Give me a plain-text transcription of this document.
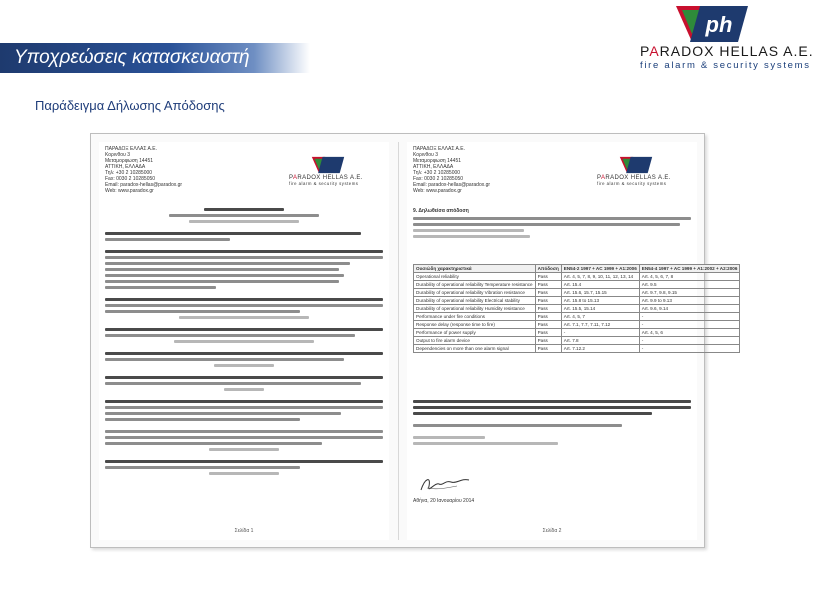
Υποχρεώσεις κατασκευαστή
ph
PARADOX HELLAS A.E.
fire alarm & security systems
Παράδειγμα Δήλωσης Απόδοσης
ΠΑΡΑΔΟΞ ΕΛΛΑΣ Α.Ε.
Κορινθου 3
Μεταμορφωση 14451
ΑΤΤΙΚΗ, ΕΛΛΑΔΑ
Τηλ: +30 2 10285000
Fax: 0030 2 10285050
Email: paradox-hellas@paradox.gr
Web: www.paradox.gr
PARADOX HELLAS A.E.
fire alarm & security systems
Σελίδα 1
ΠΑΡΑΔΟΞ ΕΛΛΑΣ Α.Ε.
Κορινθου 3
Μεταμορφωση 14451
ΑΤΤΙΚΗ, ΕΛΛΑΔΑ
Τηλ: +30 2 10285000
Fax: 0030 2 10285050
Email: paradox-hellas@paradox.gr
Web: www.paradox.gr
PARADOX HELLAS A.E.
fire alarm & security systems
9. Δηλωθείσα απόδοση
Ουσιώδη χαρακτηριστικά	Απόδοση	EN54-2 1997 + AC 1999 + A1:2006	EN54-4 1997 + AC 1999 + A1:2002 + A2:2006
Operational reliability	Pass	Art. 4, 5, 7, 8, 9, 10, 11, 12, 13, 14	Art. 4, 5, 6, 7, 8
Durability of operational reliability Temperature resistance	Pass	Art. 15.4	Art. 9.5
Durability of operational reliability Vibration resistance	Pass	Art. 15.6, 15.7, 15.15	Art. 9.7, 9.8, 9.15
Durability of operational reliability Electrical stability	Pass	Art. 15.8 to 15.13	Art. 9.9 to 9.13
Durability of operational reliability Humidity resistance	Pass	Art. 15.5, 15.14	Art. 9.6, 9.14
Performance under fire conditions	Pass	Art. 4, 5, 7	-
Response delay (response time to fire)	Pass	Art. 7.1, 7.7, 7.11, 7.12	-
Performance of power supply	Pass	-	Art. 4, 5, 6
Output to fire alarm device	Pass	Art. 7.8	-
Dependencies on more than one alarm signal	Pass	Art. 7.12.2	-
Αθήνα, 20 Ιανουαρίου 2014
Σελίδα 2
